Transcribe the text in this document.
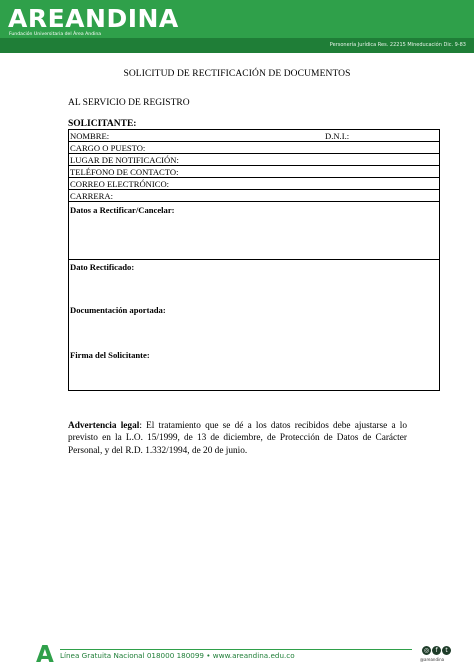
AREANDINA
Fundación Universitaria del Área Andina
Personería Jurídica Res. 22215 Mineducación Dic. 9-83
SOLICITUD DE RECTIFICACIÓN DE DOCUMENTOS
AL SERVICIO DE REGISTRO
SOLICITANTE:
NOMBRE:	D.N.I.:
CARGO O PUESTO:
LUGAR DE NOTIFICACIÓN:
TELÉFONO DE CONTACTO:
CORREO ELECTRÓNICO:
CARRERA:
Datos a Rectificar/Cancelar:
Dato Rectificado:
Documentación aportada:
Firma del Solicitante:
Advertencia legal: El tratamiento que se dé a los datos recibidos debe ajustarse a lo previsto en la L.O. 15/1999, de 13 de diciembre, de Protección de Datos de Carácter Personal, y del R.D. 1.332/1994, de 20 de junio.
A Línea Gratuita Nacional 018000 180099 • www.areandina.edu.co
◎	f	t
@areandina
